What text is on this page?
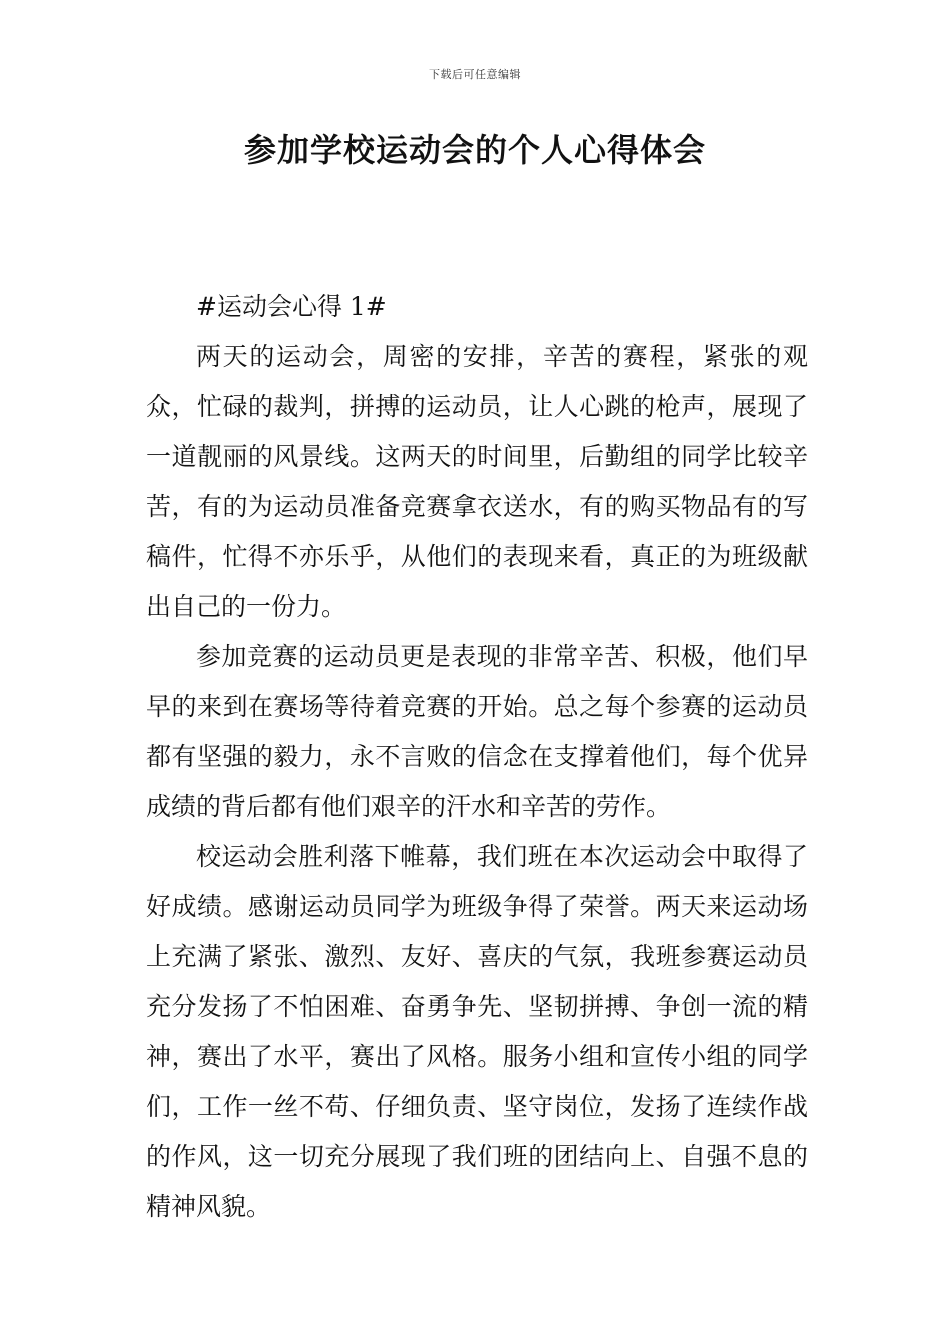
下载后可任意编辑
参加学校运动会的个人心得体会

#运动会心得 1#

两天的运动会，周密的安排，辛苦的赛程，紧张的观众，忙碌的裁判，拼搏的运动员，让人心跳的枪声，展现了一道靓丽的风景线。这两天的时间里，后勤组的同学比较辛苦，有的为运动员准备竞赛拿衣送水，有的购买物品有的写稿件，忙得不亦乐乎，从他们的表现来看，真正的为班级献出自己的一份力。

参加竞赛的运动员更是表现的非常辛苦、积极，他们早早的来到在赛场等待着竞赛的开始。总之每个参赛的运动员都有坚强的毅力，永不言败的信念在支撑着他们，每个优异成绩的背后都有他们艰辛的汗水和辛苦的劳作。

校运动会胜利落下帷幕，我们班在本次运动会中取得了好成绩。感谢运动员同学为班级争得了荣誉。两天来运动场上充满了紧张、激烈、友好、喜庆的气氛，我班参赛运动员充分发扬了不怕困难、奋勇争先、坚韧拼搏、争创一流的精神，赛出了水平，赛出了风格。服务小组和宣传小组的同学们，工作一丝不苟、仔细负责、坚守岗位，发扬了连续作战的作风，这一切充分展现了我们班的团结向上、自强不息的精神风貌。
